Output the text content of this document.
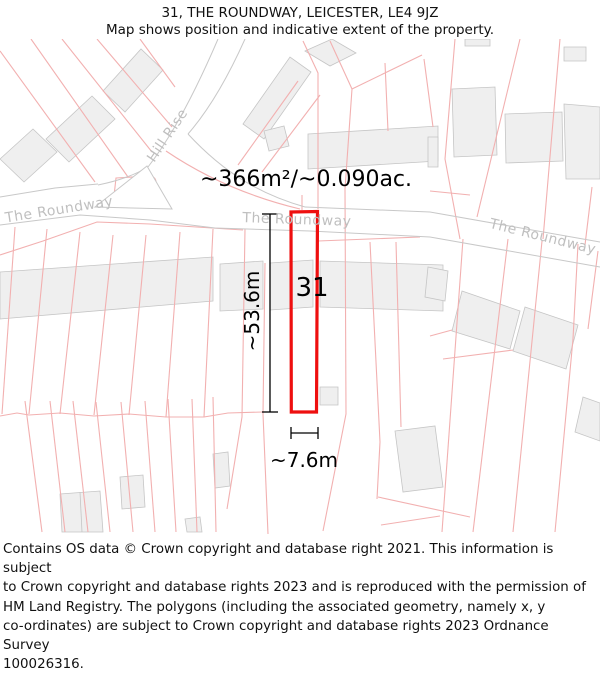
31, THE ROUNDWAY, LEICESTER, LE4 9JZ
Map shows position and indicative extent of the property.
Hill Rise
The Roundway	The Roundway	The Roundway
~366m²/~0.090ac.
31
~53.6m
~7.6m
Contains OS data © Crown copyright and database right 2021. This information is subject
to Crown copyright and database rights 2023 and is reproduced with the permission of
HM Land Registry. The polygons (including the associated geometry, namely x, y
co-ordinates) are subject to Crown copyright and database rights 2023 Ordnance Survey
100026316.
